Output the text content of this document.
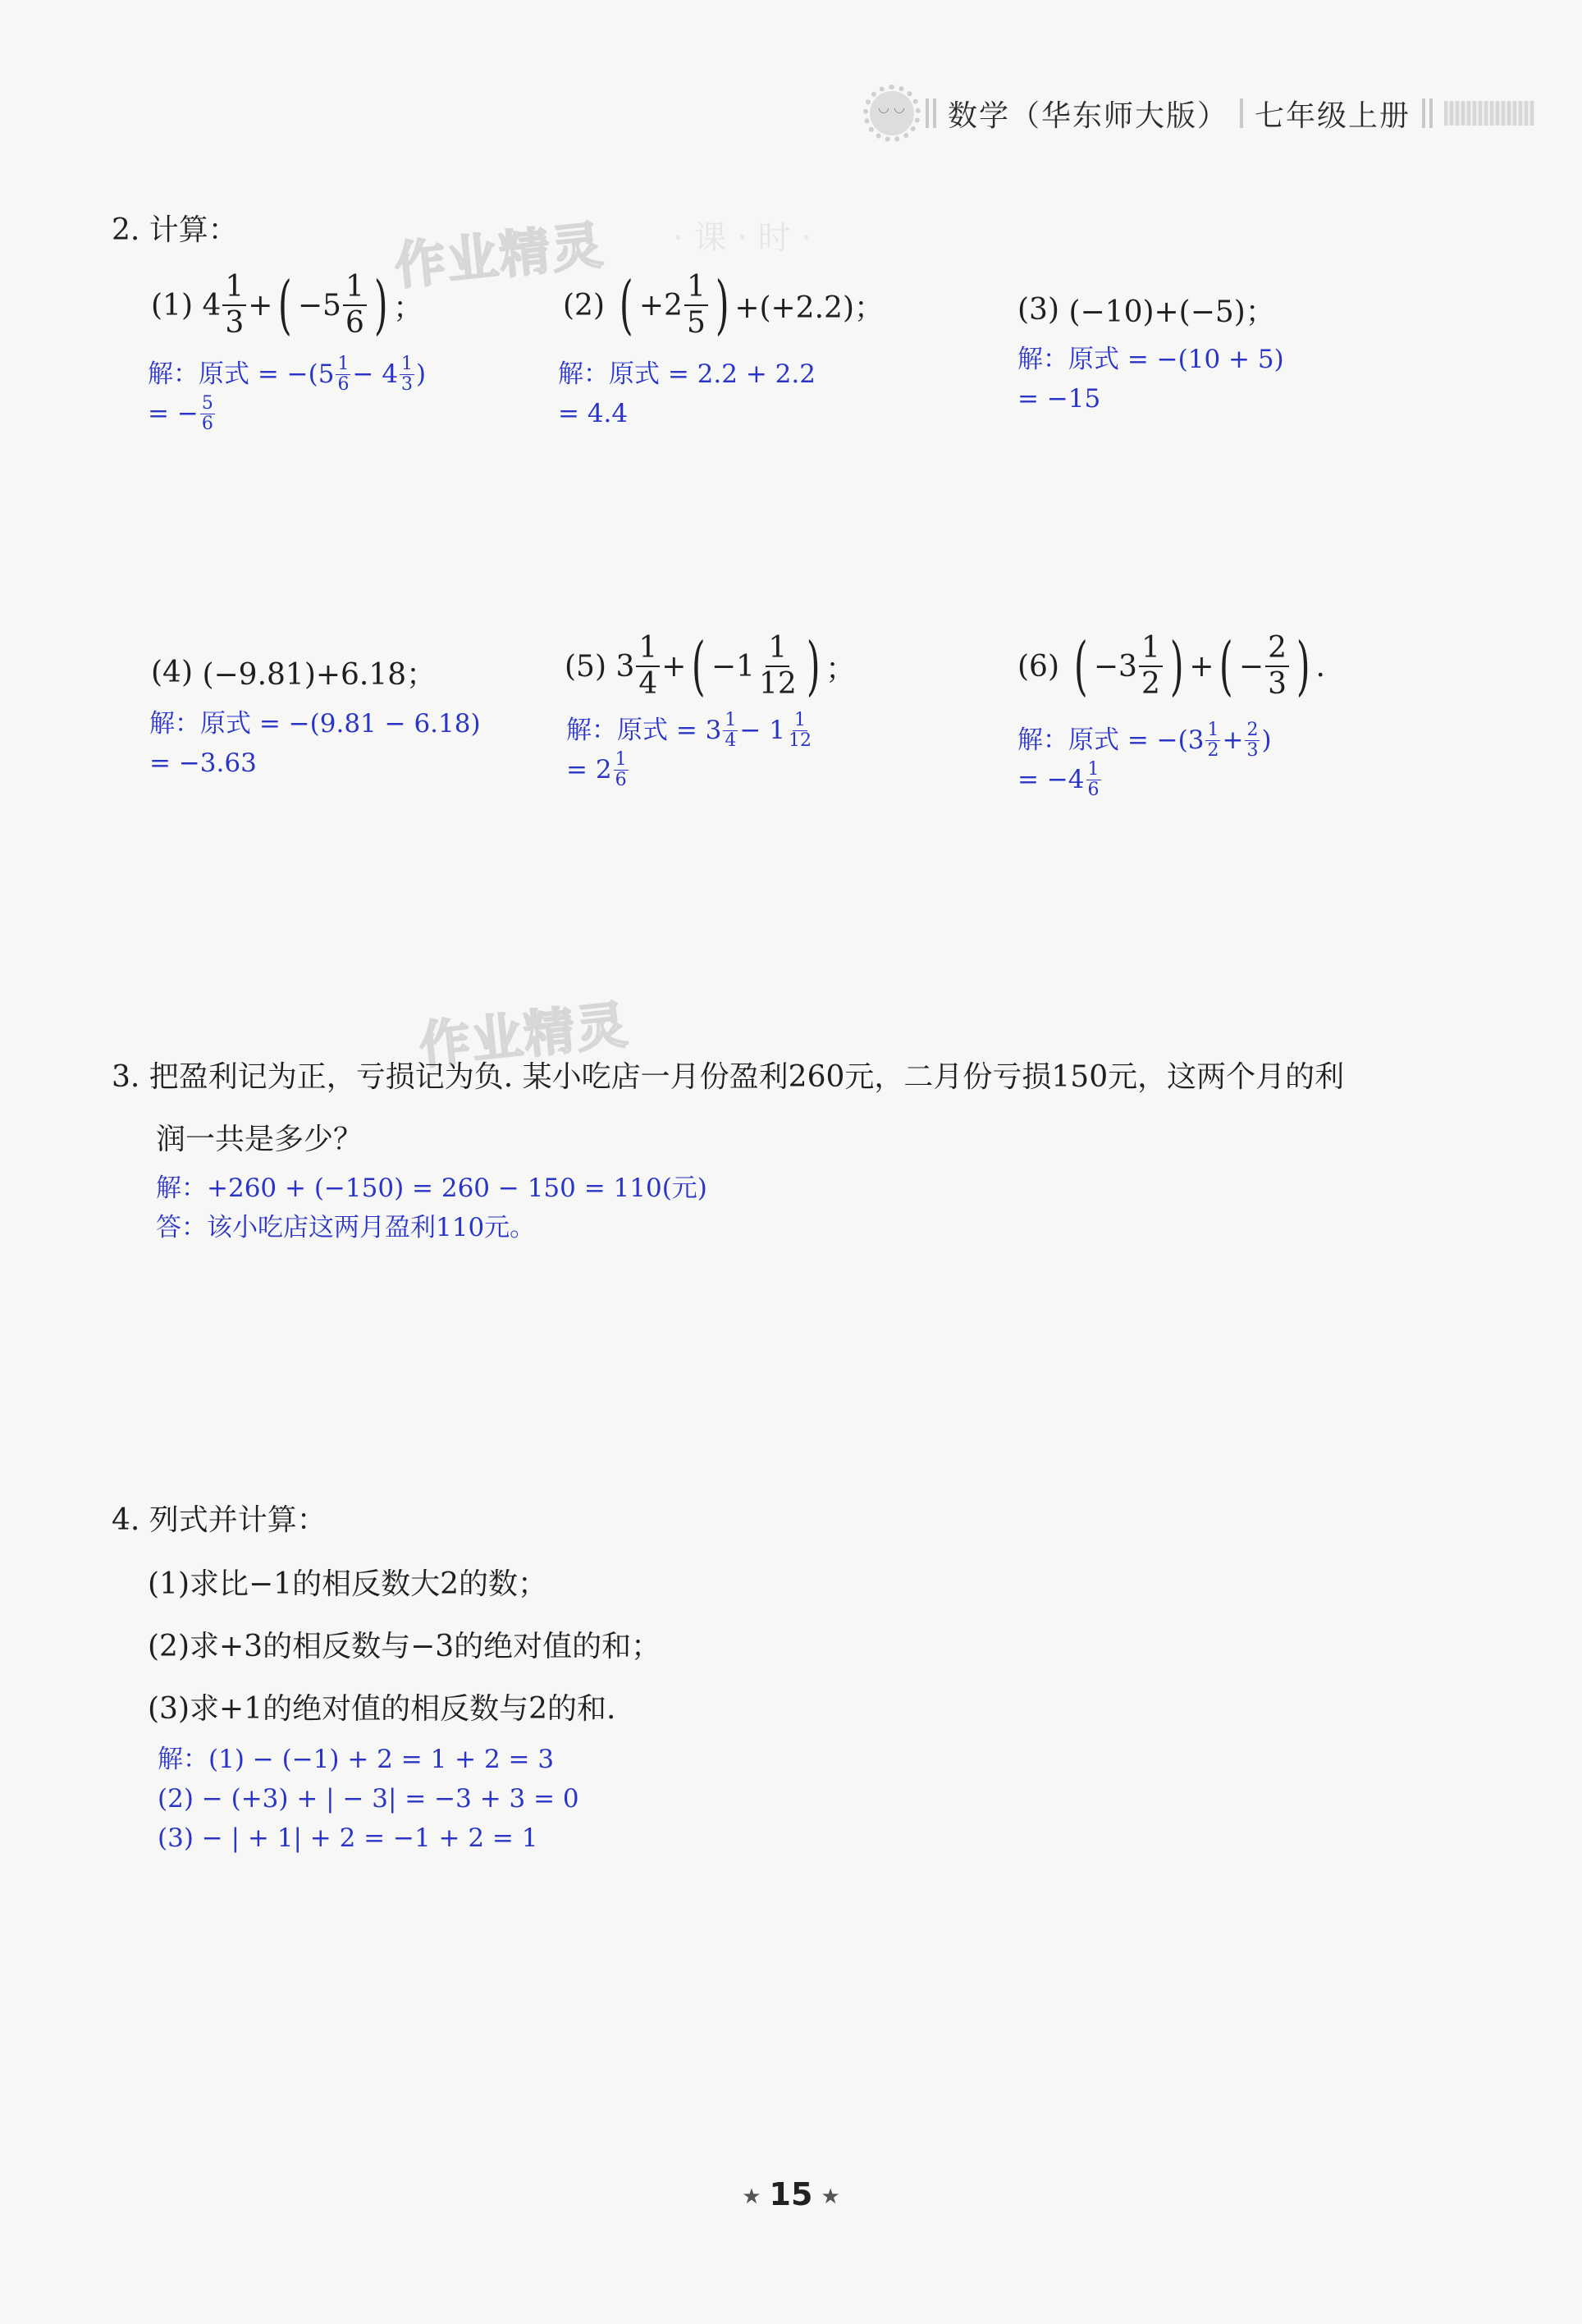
◡ ◡
数学（华东师大版） 七年级上册
作业精灵
作业精灵
· 课 · 时 ·
2. 计算：
(1) $4 \frac{1}{3}$ + ( $-5 \frac{1}{6}$ ) ；
解：原式 = $-(5 \frac{1}{6} - 4 \frac{1}{3}$ )
= − $\frac{5}{6}$
(2)
( $+2 \frac{1}{5}$ ) +(+2.2)；
解：原式 = 2.2 + 2.2
= 4.4
(3)
(−10)+(−5)；
解：原式 = −(10 + 5)
= −15
(4)
(−9.81)+6.18；
解：原式 = −(9.81 − 6.18)
= −3.63
(5) $3 \frac{1}{4}$ + ( $-1 \frac{1}{12}$ ) ；
解：原式 = $3 \frac{1}{4} - 1 \frac{1}{12}$
= $2 \frac{1}{6}$
(6)
( $-3 \frac{1}{2}$ ) + ( − $\frac{2}{3}$ ) .
解：原式 = $-(3 \frac{1}{2} + \frac{2}{3}$ )
= $-4 \frac{1}{6}$
3. 把盈利记为正，亏损记为负. 某小吃店一月份盈利260元，二月份亏损150元，这两个月的利
润一共是多少？
解：+260 + (−150) = 260 − 150 = 110(元)
答：该小吃店这两月盈利110元。
4. 列式并计算：
(1)求比−1的相反数大2的数；
(2)求+3的相反数与−3的绝对值的和；
(3)求+1的绝对值的相反数与2的和.
解：(1) − (−1) + 2 = 1 + 2 = 3
(2) − (+3) + | − 3| = −3 + 3 = 0
(3) − | + 1| + 2 = −1 + 2 = 1
★ 15 ★
